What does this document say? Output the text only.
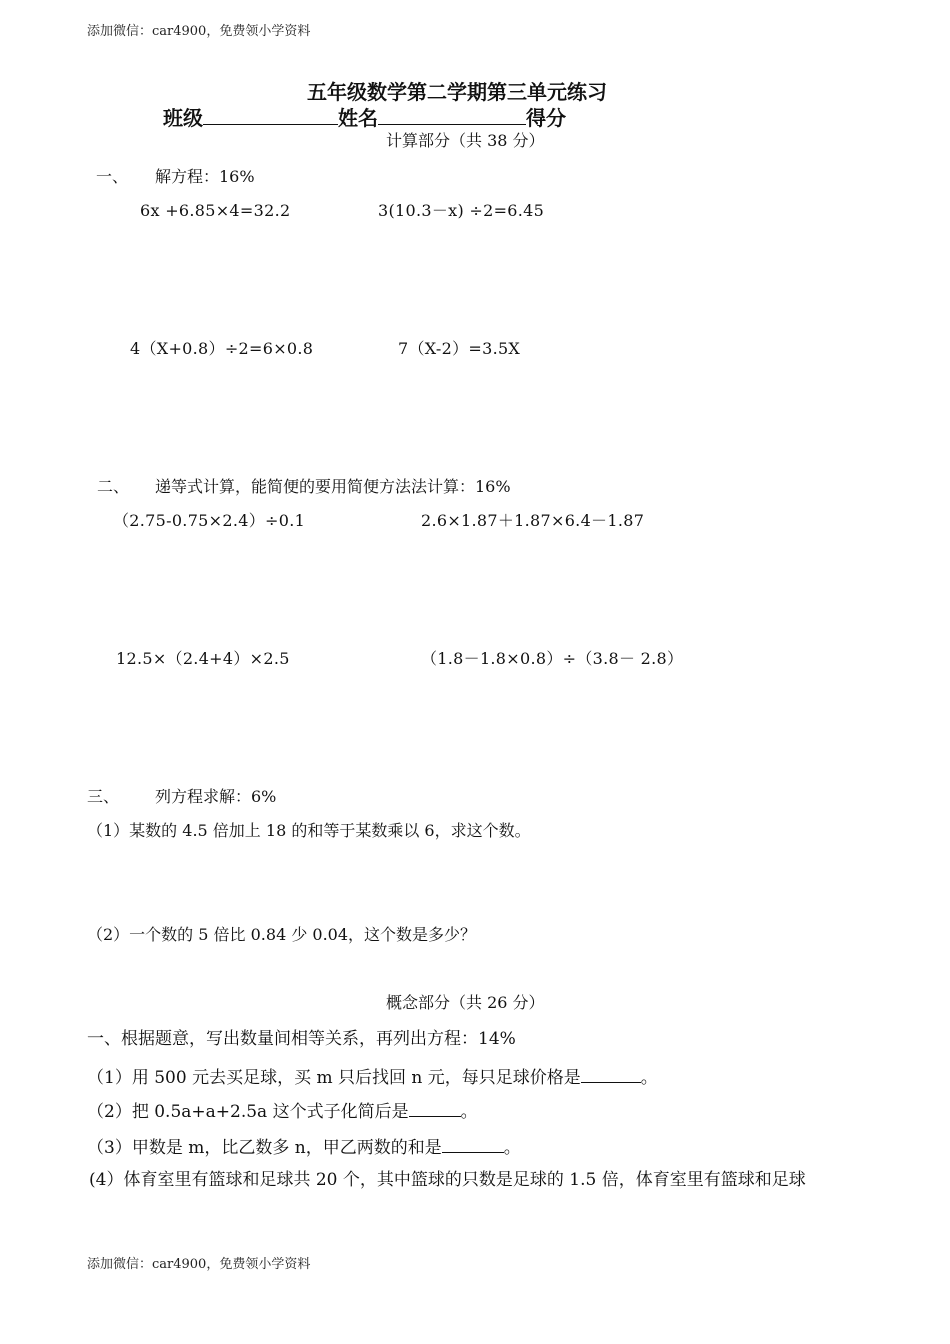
添加微信：car4900，免费领小学资料
五年级数学第二学期第三单元练习
班级	姓名	得分
计算部分（共 38 分）
一、 解方程：16%
6x +6.85×4=32.2	3(10.3－x) ÷2=6.45
4（X+0.8）÷2=6×0.8	7（X-2）=3.5X
二、 递等式计算，能简便的要用简便方法法计算：16%
（2.75-0.75×2.4）÷0.1	2.6×1.87＋1.87×6.4－1.87
12.5×（2.4+4）×2.5	（1.8－1.8×0.8）÷（3.8－ 2.8）
三、 列方程求解：6%
（1）某数的 4.5 倍加上 18 的和等于某数乘以 6，求这个数。
（2）一个数的 5 倍比 0.84 少 0.04，这个数是多少？
概念部分（共 26 分）
一、根据题意，写出数量间相等关系，再列出方程：14%
（1）用 500 元去买足球，买 m 只后找回 n 元，每只足球价格是	。
（2）把 0.5a+a+2.5a 这个式子化简后是	。
（3）甲数是 m，比乙数多 n，甲乙两数的和是	。
(4）体育室里有篮球和足球共 20 个，其中篮球的只数是足球的 1.5 倍，体育室里有篮球和足球
添加微信：car4900，免费领小学资料
